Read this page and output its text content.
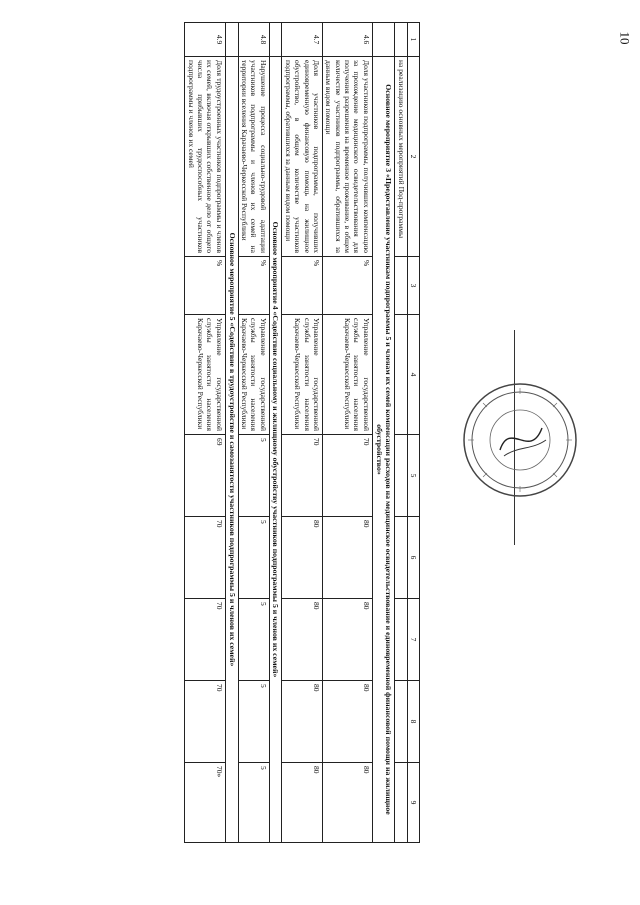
10
1	2	3	4	5	6	7	8	9
	на реализацию основных мероприятий Под-программы							
	Основное мероприятие 3 «Предоставление участникам подпрограммы 5 и членам их семей компенсации расходов на медицинское освидетельствование и единовременной финансовой помощи на жилищное обустройство»							
4.6	Доля участников подпрограммы, получивших компенсацию за прохождение медицинского освидетельствования для получения разрешения на временное проживание, в общем количестве участников подпрограммы, обратившихся за данным видом помощи	%	Управление государственной службы занятости населения Карачаево-Черкесской Республики	70	80	80	80	80
4.7	Доля участников подпрограммы, получивших единовременную финансовую помощь на жилищное обустройство, в общем количестве участников подпрограммы, обратившихся за данным видом помощи	%	Управление государственной службы занятости населения Карачаево-Черкесской Республики	70	80	80	80	80
	Основное мероприятие 4 «Содействие социальному и жилищному обустройству участников подпрограммы 5 и членов их семей»							
4.8	Нарушение процесса социально-трудовой адаптации участников подпрограммы и членов их семей на территории вселения Карачаево-Черкесской Республики	%	Управление государственной службы занятости населения Карачаево-Черкесской Республики	5	5	5	5	5
	Основное мероприятие 5 «Содействие в трудоустройстве и самозанятости участников подпрограммы 5 и членов их семей»							
4.9	Доля трудоустроенных участников подпрограммы и членов их семей, включая открывших собственное дело от общего числа прибывших трудоспособных участников подпрограммы и членов их семей	%	Управление государственной службы занятости населения Карачаево-Черкесской Республики	69	70	70	70	70»
